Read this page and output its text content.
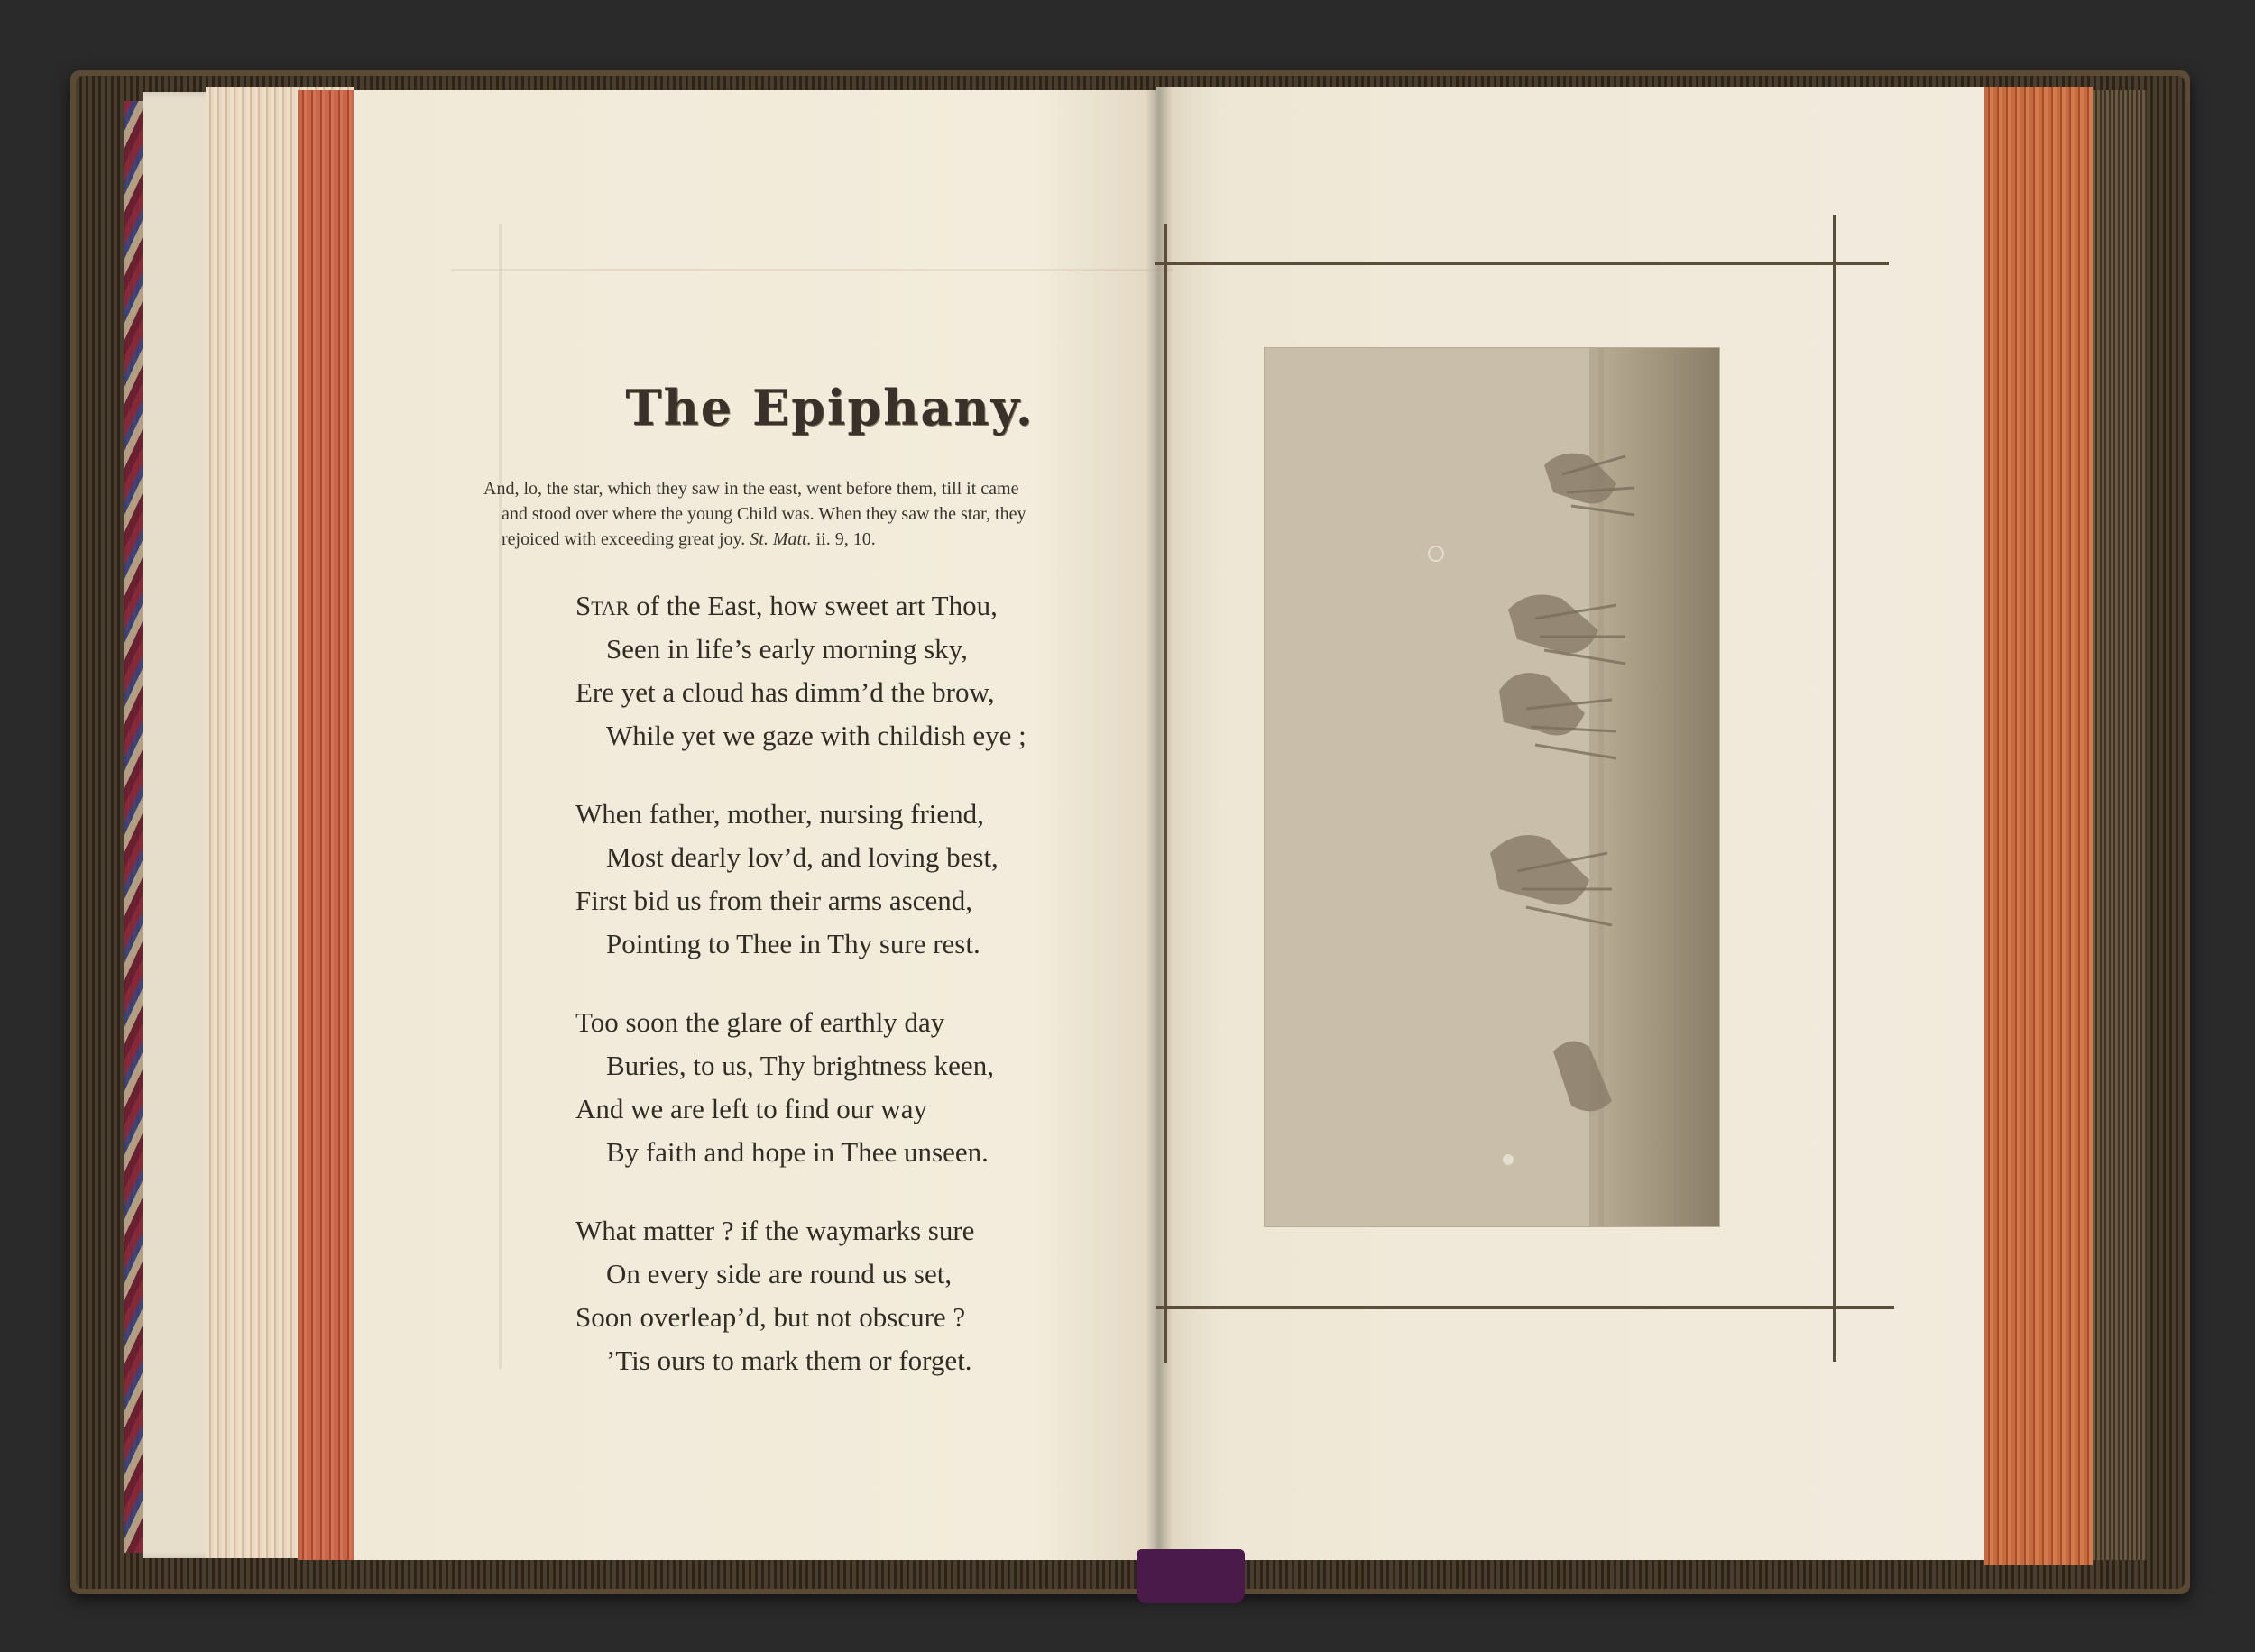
The Epiphany.
And, lo, the star, which they saw in the east, went before them, till it came
and stood over where the young Child was. When they saw the star, they
rejoiced with exceeding great joy. St. Matt. ii. 9, 10.
Star of the East, how sweet art Thou,
Seen in life’s early morning sky,
Ere yet a cloud has dimm’d the brow,
While yet we gaze with childish eye ;
When father, mother, nursing friend,
Most dearly lov’d, and loving best,
First bid us from their arms ascend,
Pointing to Thee in Thy sure rest.
Too soon the glare of earthly day
Buries, to us, Thy brightness keen,
And we are left to find our way
By faith and hope in Thee unseen.
What matter ? if the waymarks sure
On every side are round us set,
Soon overleap’d, but not obscure ?
’Tis ours to mark them or forget.
